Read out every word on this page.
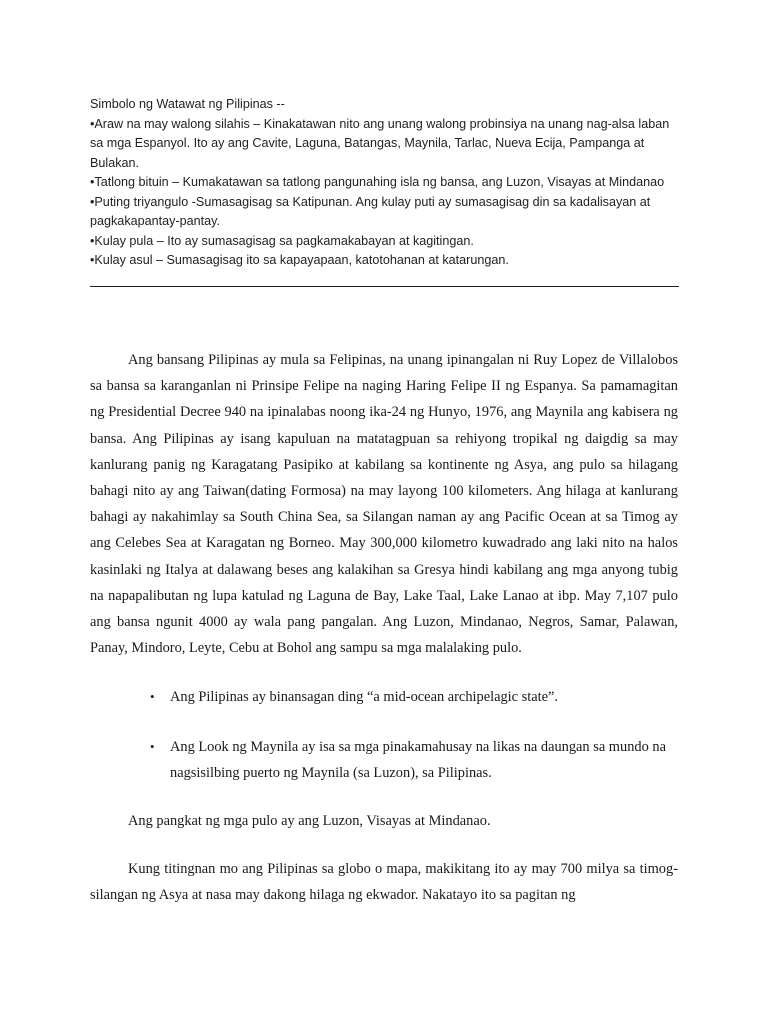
Simbolo ng Watawat ng Pilipinas --

•Araw na may walong silahis – Kinakatawan nito ang unang walong probinsiya na unang nag-alsa laban sa mga Espanyol. Ito ay ang Cavite, Laguna, Batangas, Maynila, Tarlac, Nueva Ecija, Pampanga at Bulakan.

•Tatlong bituin – Kumakatawan sa tatlong pangunahing isla ng bansa, ang Luzon, Visayas at Mindanao

•Puting triyangulo -Sumasagisag sa Katipunan. Ang kulay puti ay sumasagisag din sa kadalisayan at pagkakapantay-pantay.

•Kulay pula – Ito ay sumasagisag sa pagkamakabayan at kagitingan.

•Kulay asul – Sumasagisag ito sa kapayapaan, katotohanan at katarungan.

Ang bansang Pilipinas ay mula sa Felipinas, na unang ipinangalan ni Ruy Lopez de Villalobos sa bansa sa karanganlan ni Prinsipe Felipe na naging Haring Felipe II ng Espanya. Sa pamamagitan ng Presidential Decree 940 na ipinalabas noong ika-24 ng Hunyo, 1976, ang Maynila ang kabisera ng bansa. Ang Pilipinas ay isang kapuluan na matatagpuan sa rehiyong tropikal ng daigdig sa may kanlurang panig ng Karagatang Pasipiko at kabilang sa kontinente ng Asya, ang pulo sa hilagang bahagi nito ay ang Taiwan(dating Formosa) na may layong 100 kilometers. Ang hilaga at kanlurang bahagi ay nakahimlay sa South China Sea, sa Silangan naman ay ang Pacific Ocean at sa Timog ay ang Celebes Sea at Karagatan ng Borneo. May 300,000 kilometro kuwadrado ang laki nito na halos kasinlaki ng Italya at dalawang beses ang kalakihan sa Gresya hindi kabilang ang mga anyong tubig na napapalibutan ng lupa katulad ng Laguna de Bay, Lake Taal, Lake Lanao at ibp. May 7,107 pulo ang bansa ngunit 4000 ay wala pang pangalan. Ang Luzon, Mindanao, Negros, Samar, Palawan, Panay, Mindoro, Leyte, Cebu at Bohol ang sampu sa mga malalaking pulo.

• Ang Pilipinas ay binansagan ding “a mid-ocean archipelagic state”.
• Ang Look ng Maynila ay isa sa mga pinakamahusay na likas na daungan sa mundo na nagsisilbing puerto ng Maynila (sa Luzon), sa Pilipinas.

Ang pangkat ng mga pulo ay ang Luzon, Visayas at Mindanao.

Kung titingnan mo ang Pilipinas sa globo o mapa, makikitang ito ay may 700 milya sa timog-silangan ng Asya at nasa may dakong hilaga ng ekwador. Nakatayo ito sa pagitan ng
